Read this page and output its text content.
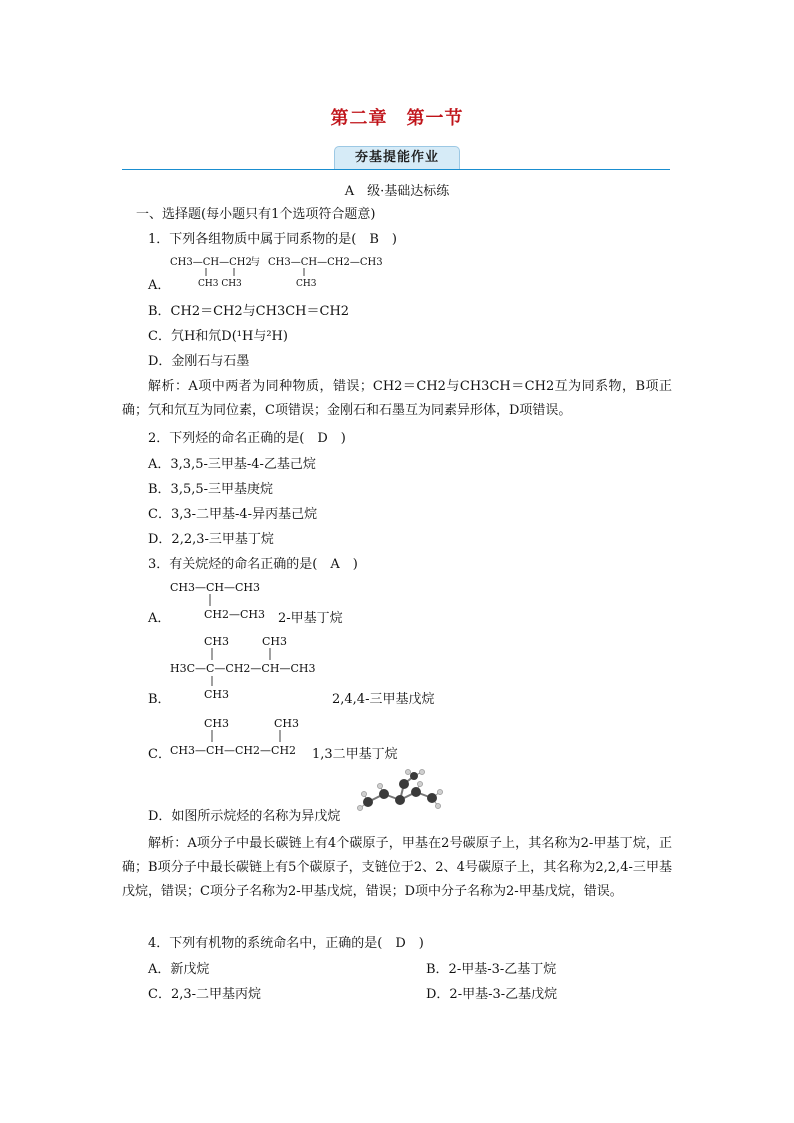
第二章　第一节
夯基提能作业
A　级·基础达标练
一、选择题(每小题只有1个选项符合题意)
1．下列各组物质中属于同系物的是(　B　)
A．
CH3—CH—CH2
CH3 CH3
与 CH3—CH—CH2—CH3
CH3
B．CH2＝CH2与CH3CH＝CH2
C．氕H和氘D(¹H与²H)
D．金刚石与石墨
解析：A项中两者为同种物质，错误；CH2＝CH2与CH3CH＝CH2互为同系物，B项正确；氕和氘互为同位素，C项错误；金刚石和石墨互为同素异形体，D项错误。
2．下列烃的命名正确的是(　D　)
A．3,3,5-三甲基-4-乙基己烷
B．3,5,5-三甲基庚烷
C．3,3-二甲基-4-异丙基己烷
D．2,2,3-三甲基丁烷
3．有关烷烃的命名正确的是(　A　)
A．
CH3—CH—CH3
CH2—CH3 2-甲基丁烷
B．
CH3	CH3
H3C—C—CH2—CH—CH3
CH3	2,4,4-三甲基戊烷
C．
CH3	CH3
CH3—CH—CH2—CH2 1,3二甲基丁烷
D．如图所示烷烃的名称为异戊烷
解析：A项分子中最长碳链上有4个碳原子，甲基在2号碳原子上，其名称为2-甲基丁烷，正确；B项分子中最长碳链上有5个碳原子，支链位于2、2、4号碳原子上，其名称为2,2,4-三甲基戊烷，错误；C项分子名称为2-甲基戊烷，错误；D项中分子名称为2-甲基戊烷，错误。
4．下列有机物的系统命名中，正确的是(　D　)
A．新戊烷	B．2-甲基-3-乙基丁烷
C．2,3-二甲基丙烷	D．2-甲基-3-乙基戊烷
